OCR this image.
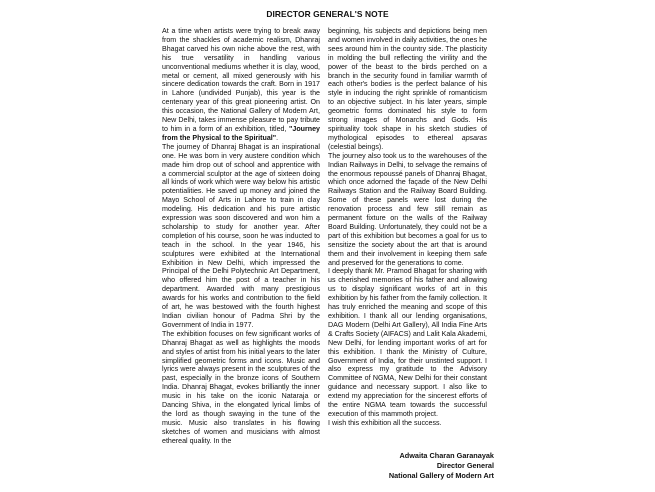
DIRECTOR GENERAL'S NOTE

At a time when artists were trying to break away from the shackles of academic realism, Dhanraj Bhagat carved his own niche above the rest, with his true versatility in handling various unconventional mediums whether it is clay, wood, metal or cement, all mixed generously with his sincere dedication towards the craft. Born in 1917 in Lahore (undivided Punjab), this year is the centenary year of this great pioneering artist. On this occasion, the National Gallery of Modern Art, New Delhi, takes immense pleasure to pay tribute to him in a form of an exhibition, titled, "Journey from the Physical to the Spiritual".

The journey of Dhanraj Bhagat is an inspirational one. He was born in very austere condition which made him drop out of school and apprentice with a commercial sculptor at the age of sixteen doing all kinds of work which were way below his artistic potentialities. He saved up money and joined the Mayo School of Arts in Lahore to train in clay modeling. His dedication and his pure artistic expression was soon discovered and won him a scholarship to study for another year. After completion of his course, soon he was inducted to teach in the school. In the year 1946, his sculptures were exhibited at the International Exhibition in New Delhi, which impressed the Principal of the Delhi Polytechnic Art Department, who offered him the post of a teacher in his department. Awarded with many prestigious awards for his works and contribution to the field of art, he was bestowed with the fourth highest Indian civilian honour of Padma Shri by the Government of India in 1977.

The exhibition focuses on few significant works of Dhanraj Bhagat as well as highlights the moods and styles of artist from his initial years to the later simplified geometric forms and icons. Music and lyrics were always present in the sculptures of the past, especially in the bronze icons of Southern India. Dhanraj Bhagat, evokes brilliantly the inner music in his take on the iconic Nataraja or Dancing Shiva, in the elongated lyrical limbs of the lord as though swaying in the tune of the music. Music also translates in his flowing sketches of women and musicians with almost ethereal quality. In the

beginning, his subjects and depictions being men and women involved in daily activities, the ones he sees around him in the country side. The plasticity in molding the bull reflecting the virility and the power of the beast to the birds perched on a branch in the security found in familiar warmth of each other's bodies is the perfect balance of his style in inducing the right sprinkle of romanticism to an objective subject. In his later years, simple geometric forms dominated his style to form strong images of Monarchs and Gods. His spirituality took shape in his sketch studies of mythological episodes to ethereal apsaras (celestial beings).

The journey also took us to the warehouses of the Indian Railways in Delhi, to selvage the remains of the enormous repoussé panels of Dhanraj Bhagat, which once adorned the façade of the New Delhi Railways Station and the Railway Board Building. Some of these panels were lost during the renovation process and few still remain as permanent fixture on the walls of the Railway Board Building. Unfortunately, they could not be a part of this exhibition but becomes a goal for us to sensitize the society about the art that is around them and their involvement in keeping them safe and preserved for the generations to come.

I deeply thank Mr. Pramod Bhagat for sharing with us cherished memories of his father and allowing us to display significant works of art in this exhibition by his father from the family collection. It has truly enriched the meaning and scope of this exhibition. I thank all our lending organisations, DAG Modern (Delhi Art Gallery), All India Fine Arts & Crafts Society (AIFACS) and Lalit Kala Akademi, New Delhi, for lending important works of art for this exhibition. I thank the Ministry of Culture, Government of India, for their unstinted support. I also express my gratitude to the Advisory Committee of NGMA, New Delhi for their constant guidance and necessary support. I also like to extend my appreciation for the sincerest efforts of the entire NGMA team towards the successful execution of this mammoth project.

I wish this exhibition all the success.

Adwaita Charan Garanayak
Director General
National Gallery of Modern Art
